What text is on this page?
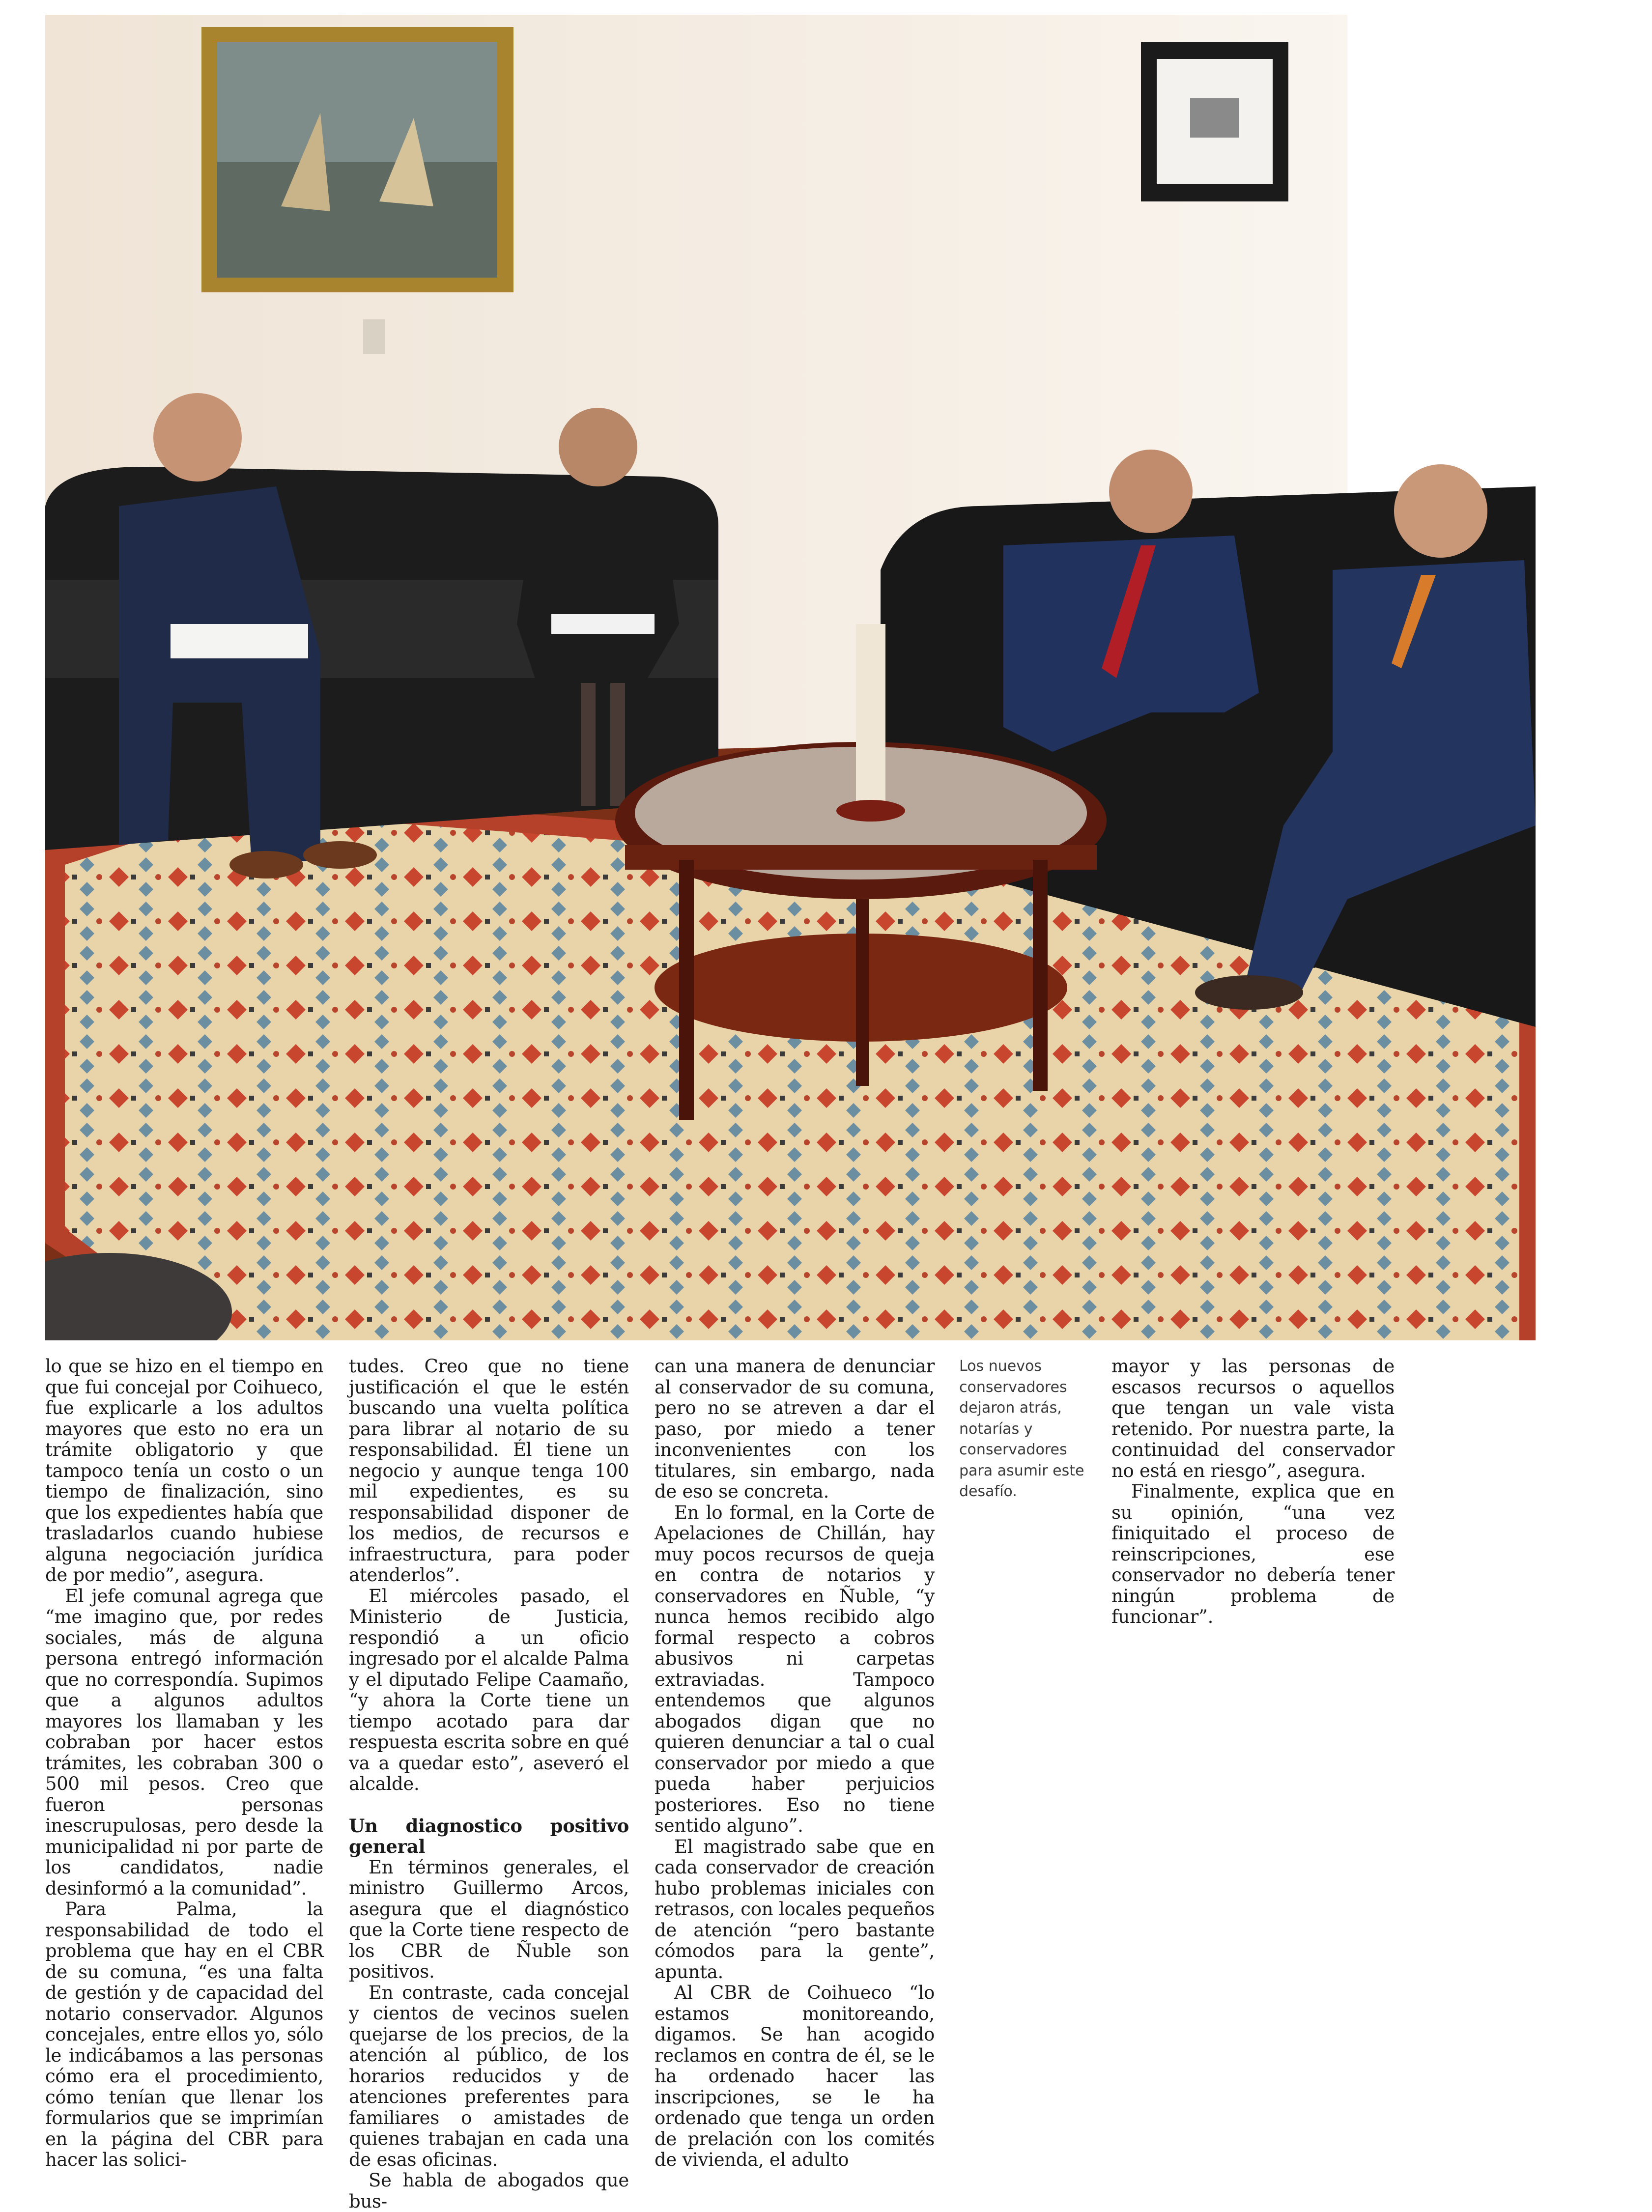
lo que se hizo en el tiempo en que fui concejal por Coihueco, fue explicarle a los adultos mayores que esto no era un trámite obligatorio y que tampoco tenía un costo o un tiempo de finalización, sino que los expedientes había que trasladarlos cuando hubiese alguna negociación jurídica de por medio”, asegura.

El jefe comunal agrega que “me imagino que, por redes sociales, más de alguna persona entregó información que no correspondía. Supimos que a algunos adultos mayores los llamaban y les cobraban por hacer estos trámites, les cobraban 300 o 500 mil pesos. Creo que fueron personas inescrupulosas, pero desde la municipalidad ni por parte de los candidatos, nadie desinformó a la comunidad”.

Para Palma, la responsabilidad de todo el problema que hay en el CBR de su comuna, “es una falta de gestión y de capacidad del notario conservador. Algunos concejales, entre ellos yo, sólo le indicábamos a las personas cómo era el procedimiento, cómo tenían que llenar los formularios que se imprimían en la página del CBR para hacer las solici-

tudes. Creo que no tiene justificación el que le estén buscando una vuelta política para librar al notario de su responsabilidad. Él tiene un negocio y aunque tenga 100 mil expedientes, es su responsabilidad disponer de los medios, de recursos e infraestructura, para poder atenderlos”.

El miércoles pasado, el Ministerio de Justicia, respondió a un oficio ingresado por el alcalde Palma y el diputado Felipe Caamaño, “y ahora la Corte tiene un tiempo acotado para dar respuesta escrita sobre en qué va a quedar esto”, aseveró el alcalde.

Un diagnostico positivo general

En términos generales, el ministro Guillermo Arcos, asegura que el diagnóstico que la Corte tiene respecto de los CBR de Ñuble son positivos.

En contraste, cada concejal y cientos de vecinos suelen quejarse de los precios, de la atención al público, de los horarios reducidos y de atenciones preferentes para familiares o amistades de quienes trabajan en cada una de esas oficinas.

Se habla de abogados que bus-

can una manera de denunciar al conservador de su comuna, pero no se atreven a dar el paso, por miedo a tener inconvenientes con los titulares, sin embargo, nada de eso se concreta.

En lo formal, en la Corte de Apelaciones de Chillán, hay muy pocos recursos de queja en contra de notarios y conservadores en Ñuble, “y nunca hemos recibido algo formal respecto a cobros abusivos ni carpetas extraviadas. Tampoco entendemos que algunos abogados digan que no quieren denunciar a tal o cual conservador por miedo a que pueda haber perjuicios posteriores. Eso no tiene sentido alguno”.

El magistrado sabe que en cada conservador de creación hubo problemas iniciales con retrasos, con locales pequeños de atención “pero bastante cómodos para la gente”, apunta.

Al CBR de Coihueco “lo estamos monitoreando, digamos. Se han acogido reclamos en contra de él, se le ha ordenado hacer las inscripciones, se le ha ordenado que tenga un orden de prelación con los comités de vivienda, el adulto

Los nuevos conservadores dejaron atrás, notarías y conservadores para asumir este desafío.

mayor y las personas de escasos recursos o aquellos que tengan un vale vista retenido. Por nuestra parte, la continuidad del conservador no está en riesgo”, asegura.

Finalmente, explica que en su opinión, “una vez finiquitado el proceso de reinscripciones, ese conservador no debería tener ningún problema de funcionar”.
